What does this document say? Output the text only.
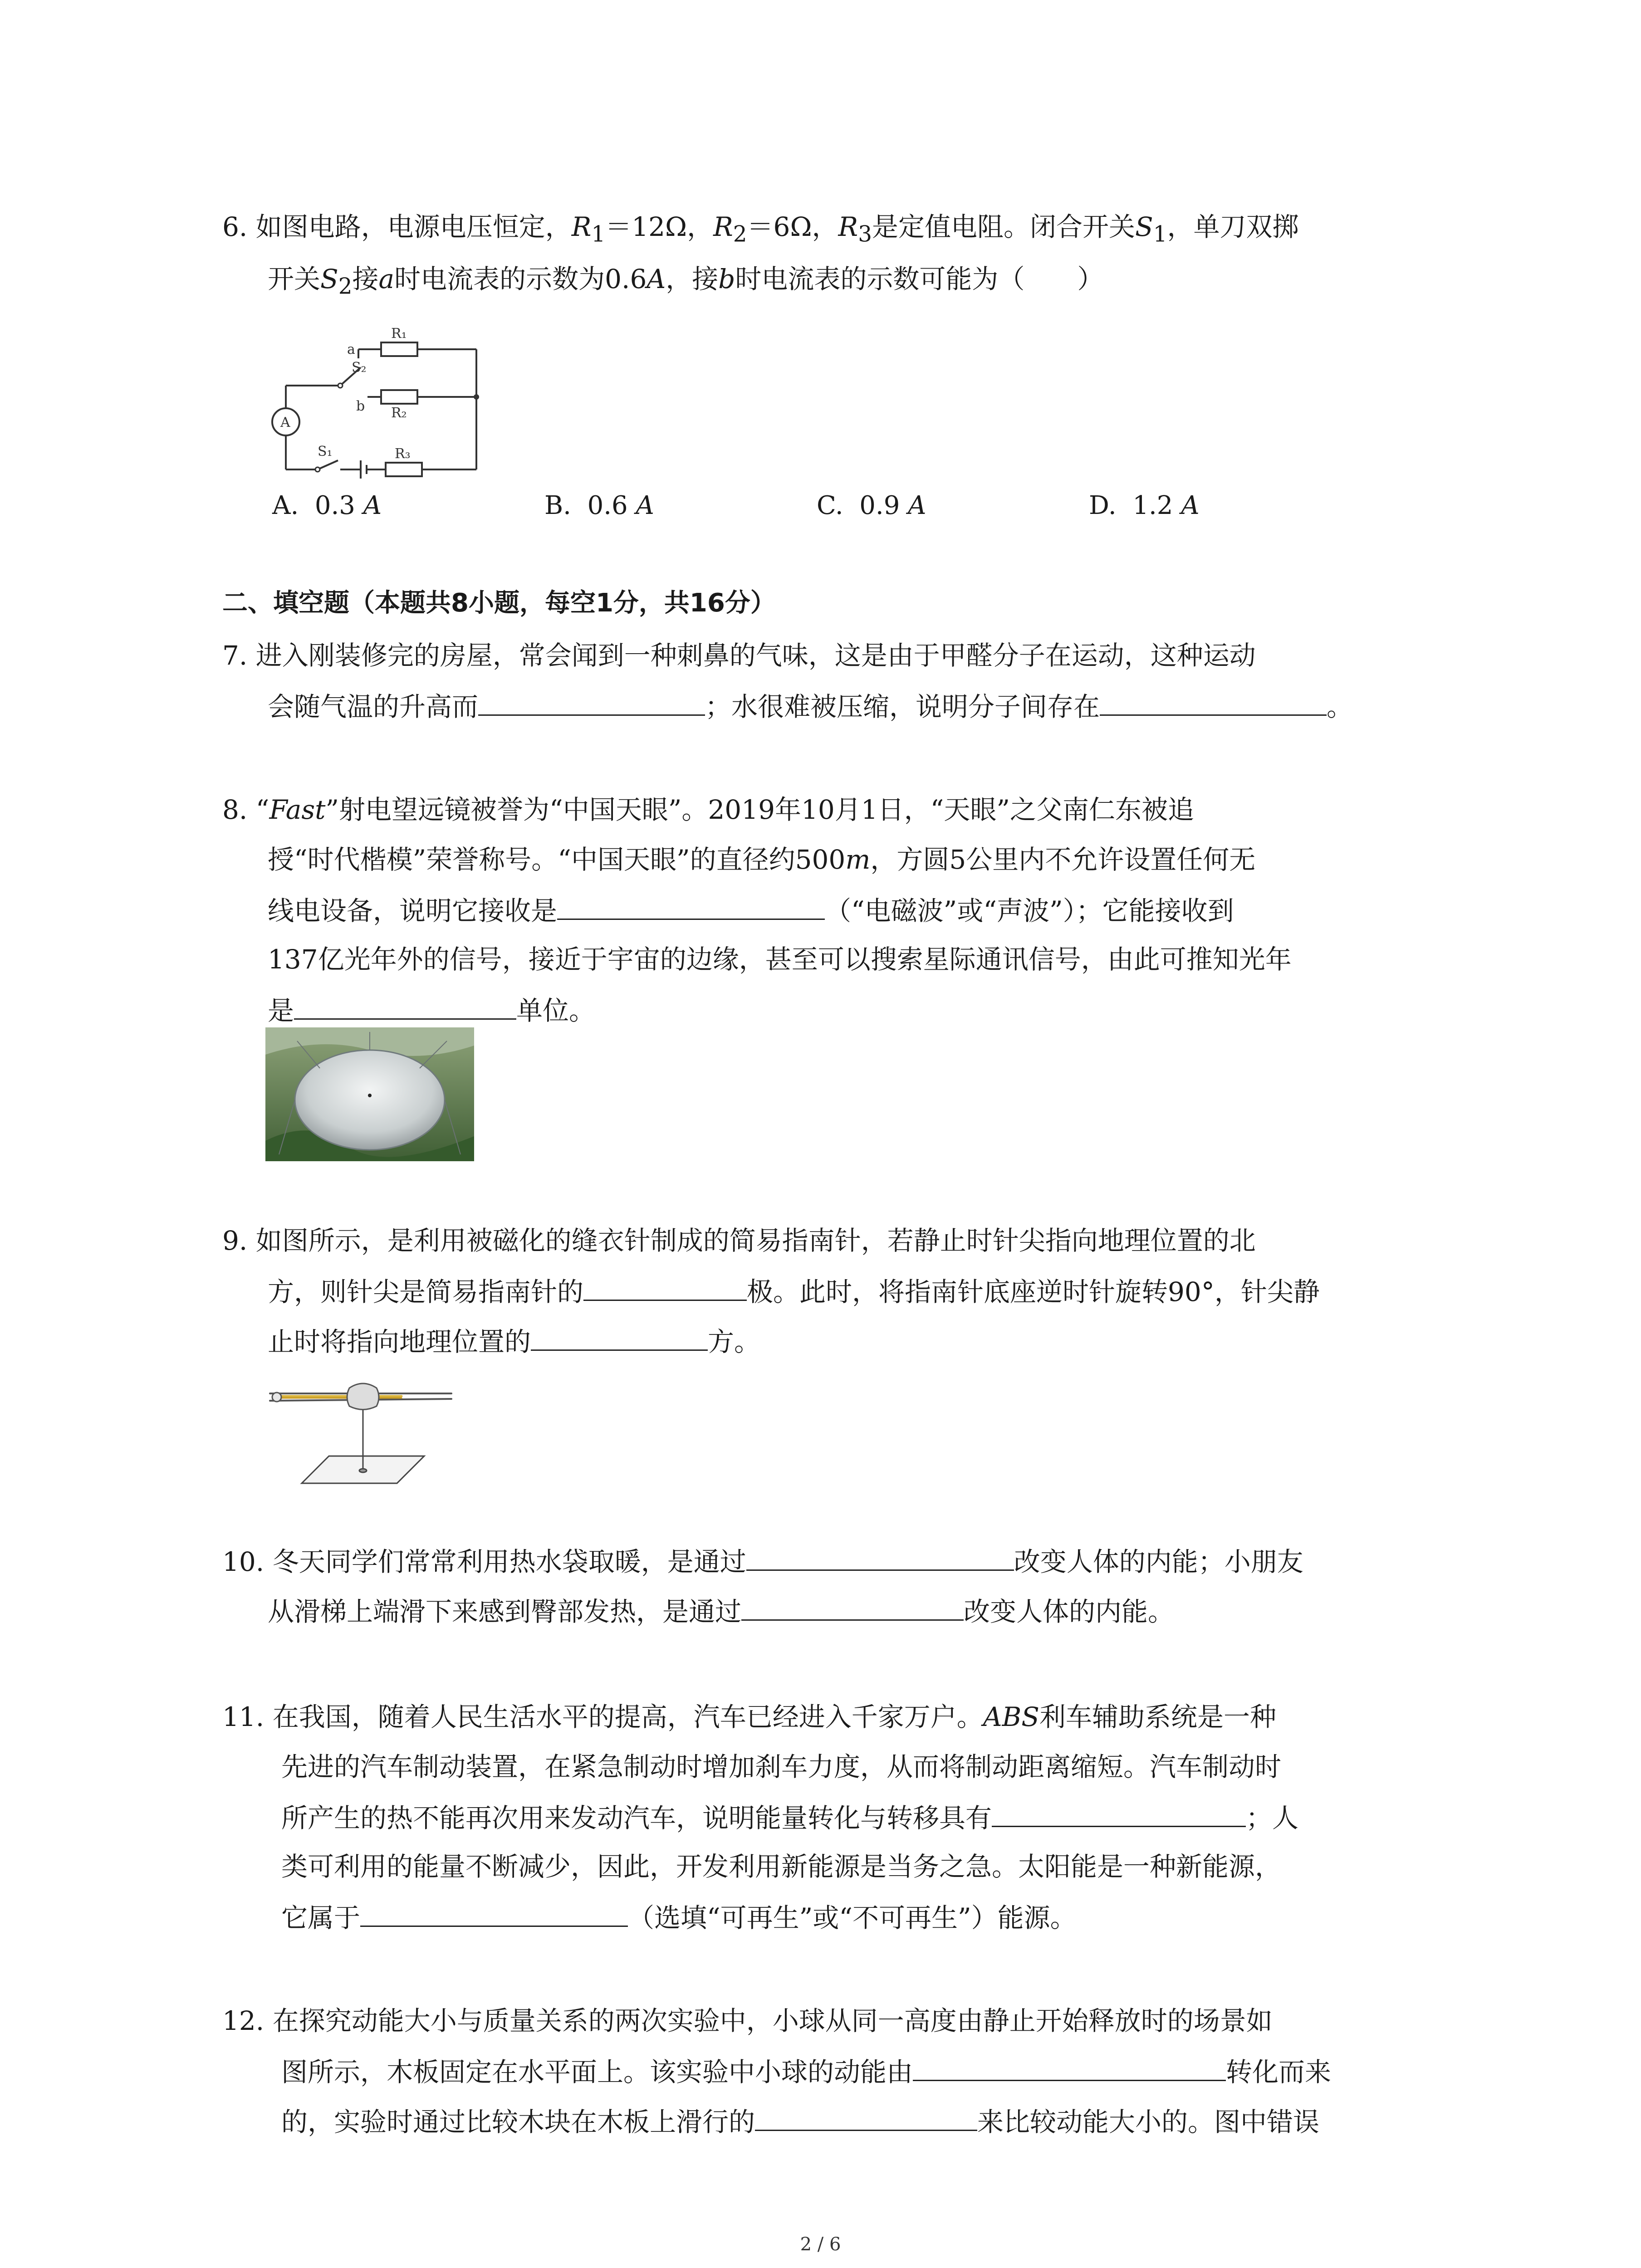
6. 如图电路，电源电压恒定，$R_1=12\Omega$，$R_2=6\Omega$，$R_3$是定值电阻。闭合开关$S_1$，单刀双掷
开关$S_2$接a时电流表的示数为0.6A，接b时电流表的示数可能为（　　）
A
R₁
R₂
R₃
S₂
S₁
a
b
A. 0.3 A	B. 0.6 A	C. 0.9 A	D. 1.2 A
二、填空题（本题共8小题，每空1分，共16分）
7. 进入刚装修完的房屋，常会闻到一种刺鼻的气味，这是由于甲醛分子在运动，这种运动
会随气温的升高而	；水很难被压缩，说明分子间存在	。
8. “Fast”射电望远镜被誉为“中国天眼”。2019年10月1日，“天眼”之父南仁东被追
授“时代楷模”荣誉称号。“中国天眼”的直径约500m，方圆5公里内不允许设置任何无
线电设备，说明它接收是	（“电磁波”或“声波”）；它能接收到
137亿光年外的信号，接近于宇宙的边缘，甚至可以搜索星际通讯信号，由此可推知光年
是	单位。
9. 如图所示，是利用被磁化的缝衣针制成的简易指南针，若静止时针尖指向地理位置的北
方，则针尖是简易指南针的	极。此时，将指南针底座逆时针旋转90°，针尖静
止时将指向地理位置的	方。
10. 冬天同学们常常利用热水袋取暖，是通过	改变人体的内能；小朋友
从滑梯上端滑下来感到臀部发热，是通过	改变人体的内能。
11. 在我国，随着人民生活水平的提高，汽车已经进入千家万户。ABS利车辅助系统是一种
先进的汽车制动装置，在紧急制动时增加刹车力度，从而将制动距离缩短。汽车制动时
所产生的热不能再次用来发动汽车，说明能量转化与转移具有	；人
类可利用的能量不断减少，因此，开发利用新能源是当务之急。太阳能是一种新能源，
它属于	（选填“可再生”或“不可再生”）能源。
12. 在探究动能大小与质量关系的两次实验中，小球从同一高度由静止开始释放时的场景如
图所示，木板固定在水平面上。该实验中小球的动能由	转化而来
的，实验时通过比较木块在木板上滑行的	来比较动能大小的。图中错误
2 / 6
